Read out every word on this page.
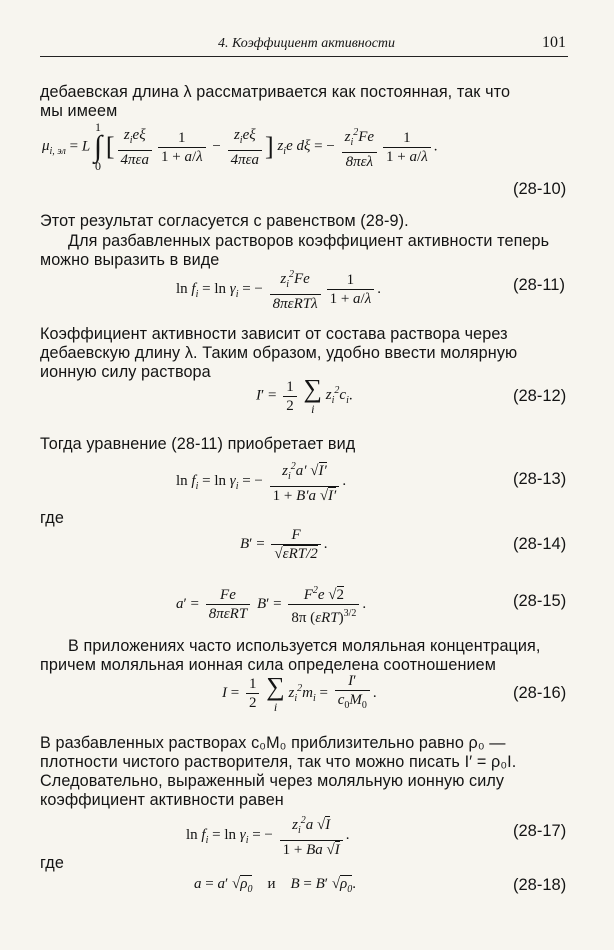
4. Коэффициент активности	101
дебаевская длина λ рассматривается как постоянная, так что
мы имеем
$\mu_{i, эл} = L$
1
∫
0
[ $\frac{z_ie\xi}{\text{4πεa}} \frac{1}{1 + a/\lambda} - \frac{z_ie\xi}{\text{4πεa}}$ ] $z_ie$ dξ = − $\frac{z_i^2Fe}{\text{8πελ}} \frac{1}{1 + a/\lambda}$ .
(28-10)
Этот результат согласуется с равенством (28-9).
Для разбавленных растворов коэффициент активности теперь
можно выразить в виде
$\ln f_i = \ln \gamma_i$ = − $\frac{z_i^2Fe}{\text{8πεRTλ}} \frac{1}{1 + a/\lambda}$ .	(28-11)
Коэффициент активности зависит от состава раствора через
дебаевскую длину λ. Таким образом, удобно ввести молярную
ионную силу раствора
$I' = \frac{1}{2}$
∑
i
$z_i^2c_i$.	(28-12)
Тогда уравнение (28-11) приобретает вид
$\ln f_i = \ln \gamma_i$ = − $\frac{z_i^2a' √I'}{1 + B'a √I'}$ .	(28-13)
где
$B' = \frac{F}{\text{√εRT/2}}$ .	(28-14)
$a' = \frac{Fe}{\text{8πεRT}} B' = \frac{F^2e √2}{8\pi (\varepsilon RT)^{3/2}}$ .	(28-15)
В приложениях часто используется моляльная концентрация,
причем моляльная ионная сила определена соотношением
$I = \frac{1}{2}$
∑
i
$z_i^2m_i = \frac{I'}{c_0M_0}$ .	(28-16)
В разбавленных растворах c₀M₀ приблизительно равно ρ₀ —
плотности чистого растворителя, так что можно писать I′ = ρ₀I.
Следовательно, выраженный через моляльную ионную силу
коэффициент активности равен
$\ln f_i = \ln \gamma_i$ = − $\frac{z_i^2a √I}{1 + Ba √I}$ .	(28-17)
где
a = a′ $√\rho_0$    и    B = B′ $√\rho_0$.	(28-18)
